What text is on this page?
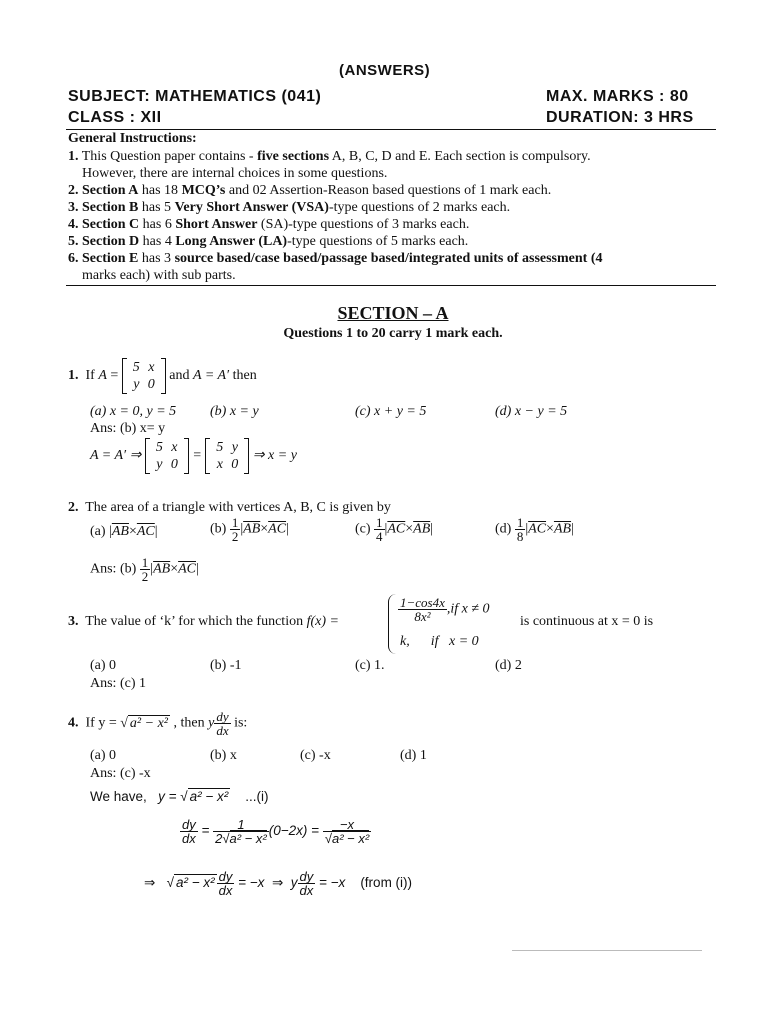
(ANSWERS)
SUBJECT: MATHEMATICS (041)	MAX. MARKS : 80
CLASS : XII	DURATION: 3 HRS
General Instructions:
1. This Question paper contains - five sections A, B, C, D and E. Each section is compulsory.
However, there are internal choices in some questions.
2. Section A has 18 MCQ’s and 02 Assertion-Reason based questions of 1 mark each.
3. Section B has 5 Very Short Answer (VSA)-type questions of 2 marks each.
4. Section C has 6 Short Answer (SA)-type questions of 3 marks each.
5. Section D has 4 Long Answer (LA)-type questions of 5 marks each.
6. Section E has 3 source based/case based/passage based/integrated units of assessment (4
marks each) with sub parts.
SECTION – A
Questions 1 to 20 carry 1 mark each.
1. If A =
5	x
y	0
and A = A′ then
(a) x = 0, y = 5 (b) x = y	(c) x + y = 5	(d) x − y = 5
Ans: (b) x= y
A = A′ ⇒
5	x
y	0
=
5	y
x	0
⇒ x = y
2. The area of a triangle with vertices A, B, C is given by
(a) $|\overline{AB}\times\overline{AC}|$	$(b) \frac{1}{2} |\overline{AB}\times\overline{AC}|$	$(c) \frac{1}{4} |\overline{AC}\times\overline{AB}|$	$(d) \frac{1}{8} |\overline{AC}\times\overline{AB}|$
Ans: $(b) \frac{1}{2} |\overline{AB}\times\overline{AC}|$
3. The value of ‘k’ for which the function f(x) =	$\frac{1-\cos 4x}{\text{8x²}} ,if$ x ≠ 0
k,      if   x = 0
is continuous at x = 0 is
(a) 0	(b) -1	(c) 1.	(d) 2
Ans: (c) 1
4. If y = √ a² − x² , then y $\frac{dy}{dx}$ is:
(a) 0	(b) x	(c) -x	(d) 1
Ans: (c) -x
We have, y = √ a² − x² ...(i)
$\frac{dy}{dx} = \frac{1}{\text{2√a² − x²}} (0-2x) = \frac{-x}{\text{√a² − x²}}$
⇒ √ $a^2 - x^2 \frac{dy}{dx} = -x$ ⇒ y $\frac{dy}{dx} = -x$ (from (i))
